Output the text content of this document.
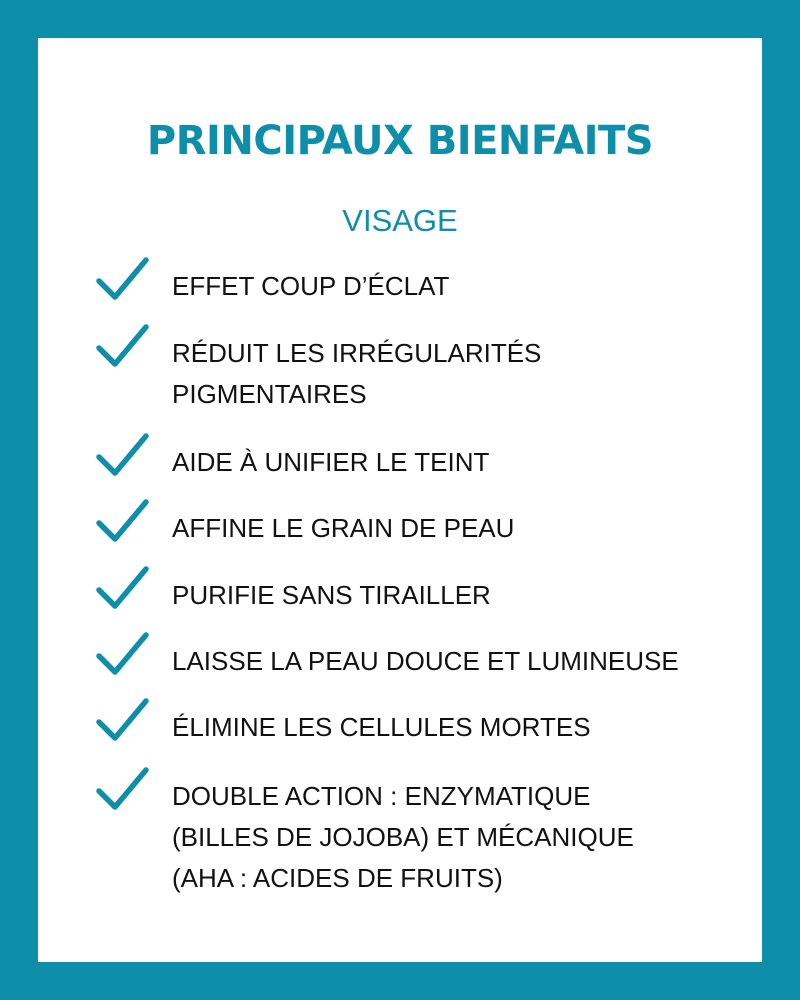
PRINCIPAUX BIENFAITS
VISAGE
EFFET COUP D’ÉCLAT
RÉDUIT LES IRRÉGULARITÉS
PIGMENTAIRES
AIDE À UNIFIER LE TEINT
AFFINE LE GRAIN DE PEAU
PURIFIE SANS TIRAILLER
LAISSE LA PEAU DOUCE ET LUMINEUSE
ÉLIMINE LES CELLULES MORTES
DOUBLE ACTION : ENZYMATIQUE
(BILLES DE JOJOBA) ET MÉCANIQUE
(AHA : ACIDES DE FRUITS)
